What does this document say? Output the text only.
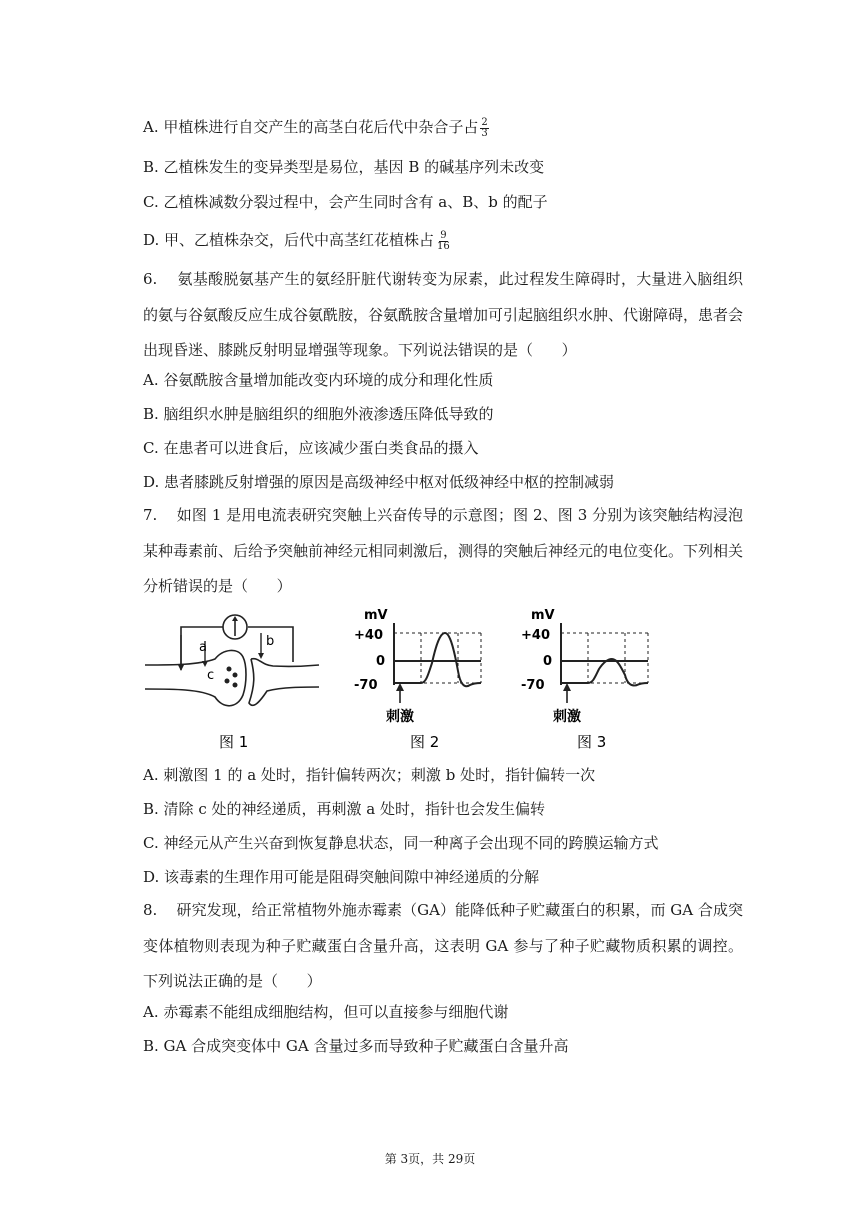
A. 甲植株进行自交产生的高茎白花后代中杂合子占 $\frac{2}{3}$
B. 乙植株发生的变异类型是易位，基因 B 的碱基序列未改变
C. 乙植株减数分裂过程中，会产生同时含有 a、B、b 的配子
D. 甲、乙植株杂交，后代中高茎红花植株占 $\frac{9}{16}$
6.    氨基酸脱氨基产生的氨经肝脏代谢转变为尿素，此过程发生障碍时，大量进入脑组织的氨与谷氨酸反应生成谷氨酰胺，谷氨酰胺含量增加可引起脑组织水肿、代谢障碍，患者会出现昏迷、膝跳反射明显增强等现象。下列说法错误的是（      ）
A. 谷氨酰胺含量增加能改变内环境的成分和理化性质
B. 脑组织水肿是脑组织的细胞外液渗透压降低导致的
C. 在患者可以进食后，应该减少蛋白类食品的摄入
D. 患者膝跳反射增强的原因是高级神经中枢对低级神经中枢的控制减弱
7.    如图 1 是用电流表研究突触上兴奋传导的示意图；图 2、图 3 分别为该突触结构浸泡某种毒素前、后给予突触前神经元相同刺激后，测得的突触后神经元的电位变化。下列相关分析错误的是（      ）
a	b
c
图 1
mV
+40
0
-70
刺激
图 2
mV
+40
0
-70
刺激
图 3
A. 刺激图 1 的 a 处时，指针偏转两次；刺激 b 处时，指针偏转一次
B. 清除 c 处的神经递质，再刺激 a 处时，指针也会发生偏转
C. 神经元从产生兴奋到恢复静息状态，同一种离子会出现不同的跨膜运输方式
D. 该毒素的生理作用可能是阻碍突触间隙中神经递质的分解
8.    研究发现，给正常植物外施赤霉素（GA）能降低种子贮藏蛋白的积累，而 GA 合成突变体植物则表现为种子贮藏蛋白含量升高，这表明 GA 参与了种子贮藏物质积累的调控。下列说法正确的是（      ）
A. 赤霉素不能组成细胞结构，但可以直接参与细胞代谢
B. GA 合成突变体中 GA 含量过多而导致种子贮藏蛋白含量升高
第 3页，共 29页
